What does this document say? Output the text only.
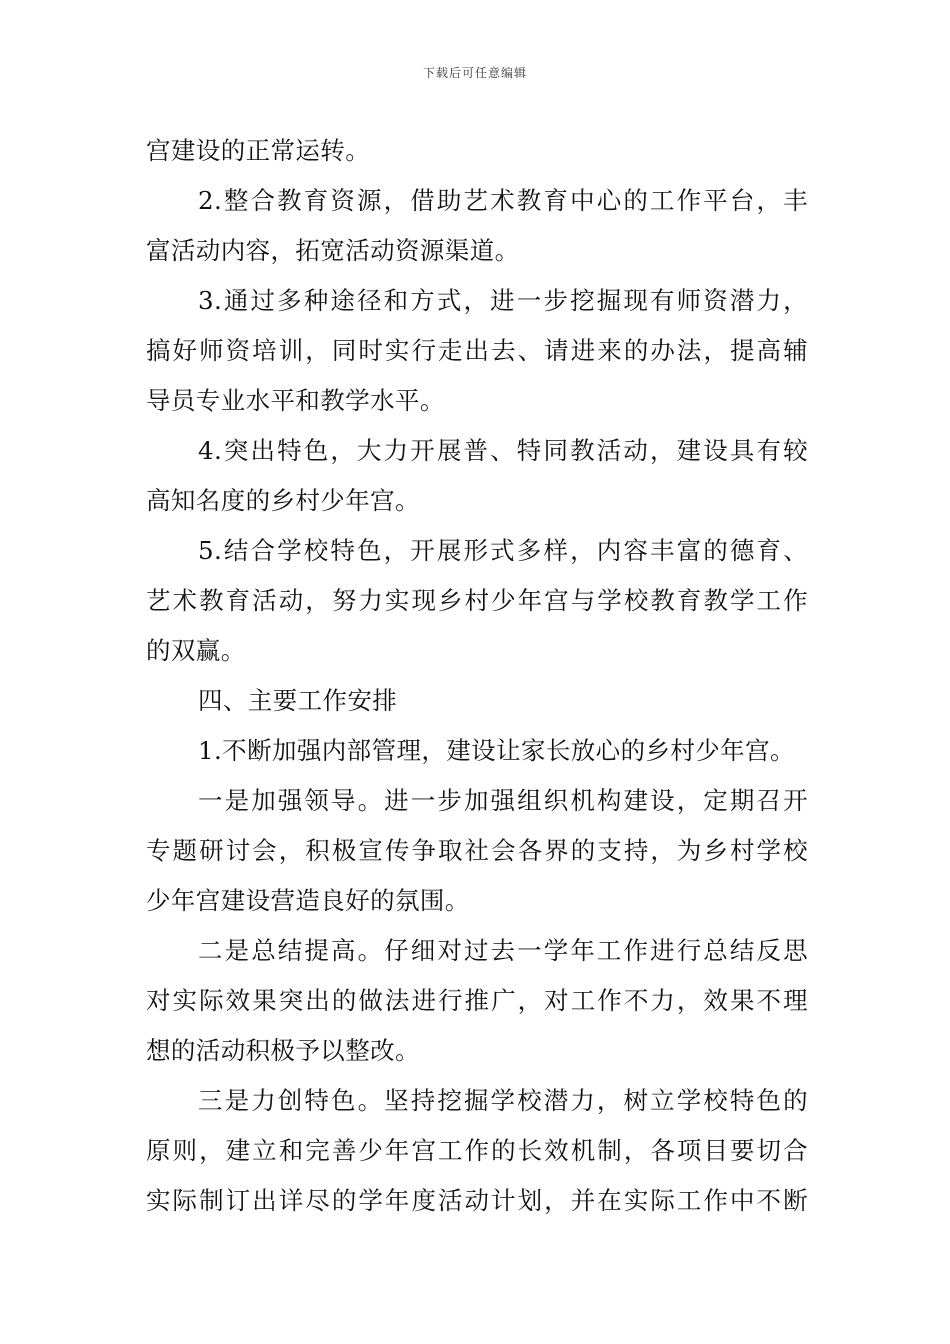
下载后可任意编辑
宫建设的正常运转。
2.整合教育资源，借助艺术教育中心的工作平台，丰
富活动内容，拓宽活动资源渠道。
3.通过多种途径和方式，进一步挖掘现有师资潜力，
搞好师资培训，同时实行走出去、请进来的办法，提高辅
导员专业水平和教学水平。
4.突出特色，大力开展普、特同教活动，建设具有较
高知名度的乡村少年宫。
5.结合学校特色，开展形式多样，内容丰富的德育、
艺术教育活动，努力实现乡村少年宫与学校教育教学工作
的双赢。
四、主要工作安排
1.不断加强内部管理，建设让家长放心的乡村少年宫。
一是加强领导。进一步加强组织机构建设，定期召开
专题研讨会，积极宣传争取社会各界的支持，为乡村学校
少年宫建设营造良好的氛围。
二是总结提高。仔细对过去一学年工作进行总结反思
对实际效果突出的做法进行推广，对工作不力，效果不理
想的活动积极予以整改。
三是力创特色。坚持挖掘学校潜力，树立学校特色的
原则，建立和完善少年宫工作的长效机制，各项目要切合
实际制订出详尽的学年度活动计划，并在实际工作中不断
